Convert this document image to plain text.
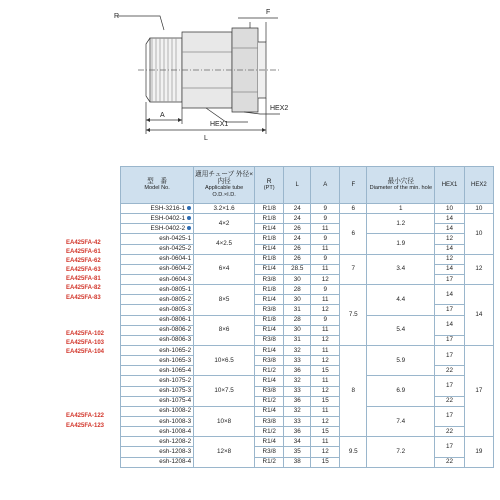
R
F
HEX1
HEX2
A
L
EA425FA-42
EA425FA-61
EA425FA-62
EA425FA-63
EA425FA-81
EA425FA-82
EA425FA-83
EA425FA-102
EA425FA-103
EA425FA-104
EA425FA-122
EA425FA-123
型　番
Model No.	適用チューブ 外径×内径
Applicable tube O.D.×I.D.	R
(PT)	L	A	F	最小穴径
Diameter of the min. hole	HEX1	HEX2
ESH-3216-1	3.2×1.6	R1/8	24	9	6	1	10	10
ESH-0402-1	4×2	R1/8	24	9	6	1.2	14	10
ESH-0402-2		R1/4	26	11			14	
esh-0425-1	4×2.5	R1/8	24	9		1.9	12	
esh-0425-2		R1/4	26	11			14	
esh-0604-1	6×4	R1/8	26	9	7	3.4	12	12
esh-0604-2		R1/4	28.5	11			14	
esh-0604-3		R3/8	30	12			17	
esh-0805-1	8×5	R1/8	28	9	7.5	4.4	14	14
esh-0805-2		R1/4	30	11				
esh-0805-3		R3/8	31	12			17	
esh-0806-1	8×6	R1/8	28	9		5.4	14	
esh-0806-2		R1/4	30	11				
esh-0806-3		R3/8	31	12			17	
esh-1065-2	10×6.5	R1/4	32	11	8	5.9	17	17
esh-1065-3		R3/8	33	12				
esh-1065-4		R1/2	36	15			22	
esh-1075-2	10×7.5	R1/4	32	11		6.9	17	
esh-1075-3		R3/8	33	12				
esh-1075-4		R1/2	36	15			22	
esh-1008-2	10×8	R1/4	32	11		7.4	17	
esh-1008-3		R3/8	33	12				
esh-1008-4		R1/2	36	15			22	
esh-1208-2	12×8	R1/4	34	11	9.5	7.2	17	19
esh-1208-3		R3/8	35	12				
esh-1208-4		R1/2	38	15			22	
